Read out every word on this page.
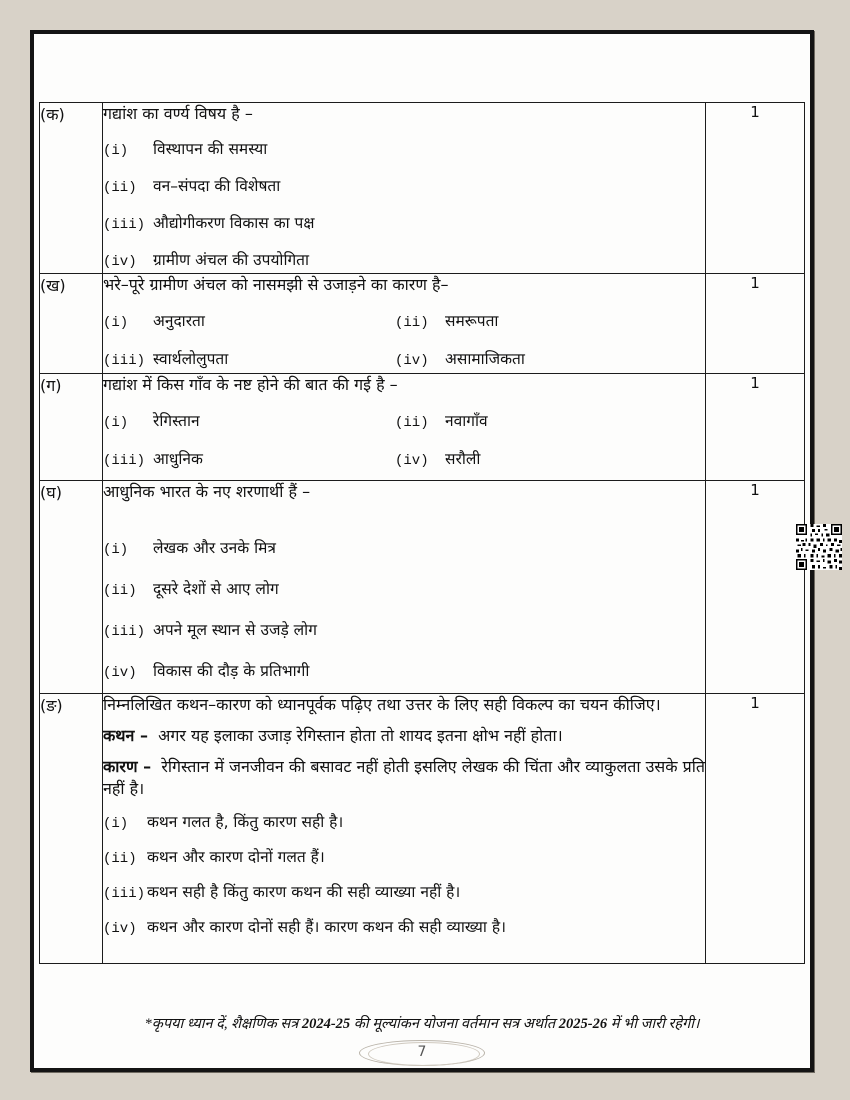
(क)	गद्यांश का वर्ण्य विषय है –
(i) विस्थापन की समस्या
(ii) वन–संपदा की विशेषता
(iii) औद्योगीकरण विकास का पक्ष
(iv) ग्रामीण अंचल की उपयोगिता	1
(ख)	भरे–पूरे ग्रामीण अंचल को नासमझी से उजाड़ने का कारण है–
(i) अनुदारता (ii) समरूपता
(iii) स्वार्थलोलुपता (iv) असामाजिकता	1
(ग)	गद्यांश में किस गाँव के नष्ट होने की बात की गई है –
(i) रेगिस्तान (ii) नवागाँव
(iii) आधुनिक (iv) सरौली	1
(घ)	आधुनिक भारत के नए शरणार्थी हैं –
(i) लेखक और उनके मित्र
(ii) दूसरे देशों से आए लोग
(iii) अपने मूल स्थान से उजड़े लोग
(iv) विकास की दौड़ के प्रतिभागी	1
(ङ)	निम्नलिखित कथन–कारण को ध्यानपूर्वक पढ़िए तथा उत्तर के लिए सही विकल्प का चयन कीजिए।
कथन – अगर यह इलाका उजाड़ रेगिस्तान होता तो शायद इतना क्षोभ नहीं होता।
कारण – रेगिस्तान में जनजीवन की बसावट नहीं होती इसलिए लेखक की चिंता और व्याकुलता उसके प्रति नहीं है।
(i) कथन गलत है, किंतु कारण सही है।
(ii) कथन और कारण दोनों गलत हैं।
(iii) कथन सही है किंतु कारण कथन की सही व्याख्या नहीं है।
(iv) कथन और कारण दोनों सही हैं। कारण कथन की सही व्याख्या है।
	1
*कृपया ध्यान दें, शैक्षणिक सत्र 2024-25 की मूल्यांकन योजना वर्तमान सत्र अर्थात 2025-26 में भी जारी रहेगी।
7
